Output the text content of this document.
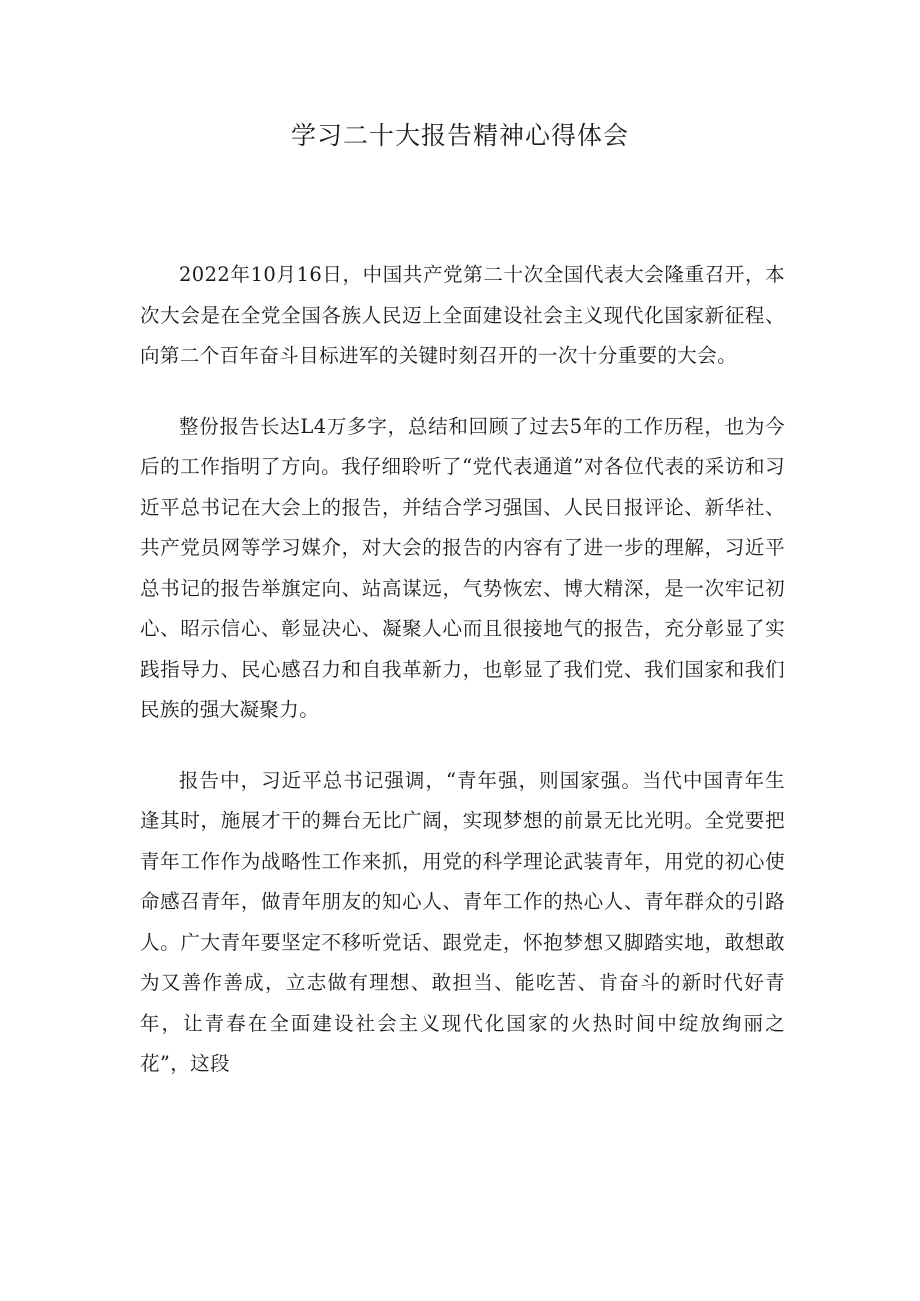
学习二十大报告精神心得体会

2022年10月16日，中国共产党第二十次全国代表大会隆重召开，本次大会是在全党全国各族人民迈上全面建设社会主义现代化国家新征程、向第二个百年奋斗目标进军的关键时刻召开的一次十分重要的大会。

整份报告长达L4万多字，总结和回顾了过去5年的工作历程，也为今后的工作指明了方向。我仔细聆听了“党代表通道”对各位代表的采访和习近平总书记在大会上的报告，并结合学习强国、人民日报评论、新华社、共产党员网等学习媒介，对大会的报告的内容有了进一步的理解，习近平总书记的报告举旗定向、站高谋远，气势恢宏、博大精深，是一次牢记初心、昭示信心、彰显决心、凝聚人心而且很接地气的报告，充分彰显了实践指导力、民心感召力和自我革新力，也彰显了我们党、我们国家和我们民族的强大凝聚力。

报告中，习近平总书记强调，“青年强，则国家强。当代中国青年生逢其时，施展才干的舞台无比广阔，实现梦想的前景无比光明。全党要把青年工作作为战略性工作来抓，用党的科学理论武装青年，用党的初心使命感召青年，做青年朋友的知心人、青年工作的热心人、青年群众的引路人。广大青年要坚定不移听党话、跟党走，怀抱梦想又脚踏实地，敢想敢为又善作善成，立志做有理想、敢担当、能吃苦、肯奋斗的新时代好青年，让青春在全面建设社会主义现代化国家的火热时间中绽放绚丽之花”，这段
